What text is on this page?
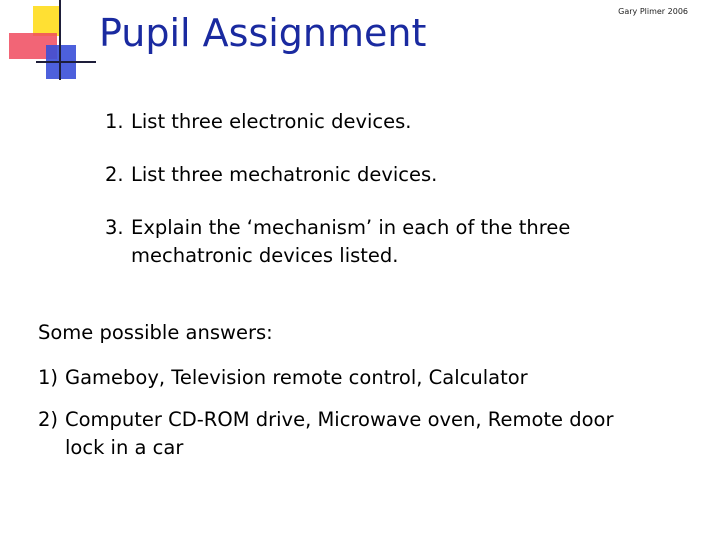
Pupil Assignment	Gary Plimer 2006
1. List three electronic devices.
2. List three mechatronic devices.
3. Explain the ‘mechanism’ in each of the three mechatronic devices listed.
Some possible answers:
1) Gameboy, Television remote control, Calculator
2) Computer CD-ROM drive, Microwave oven, Remote door lock in a car
